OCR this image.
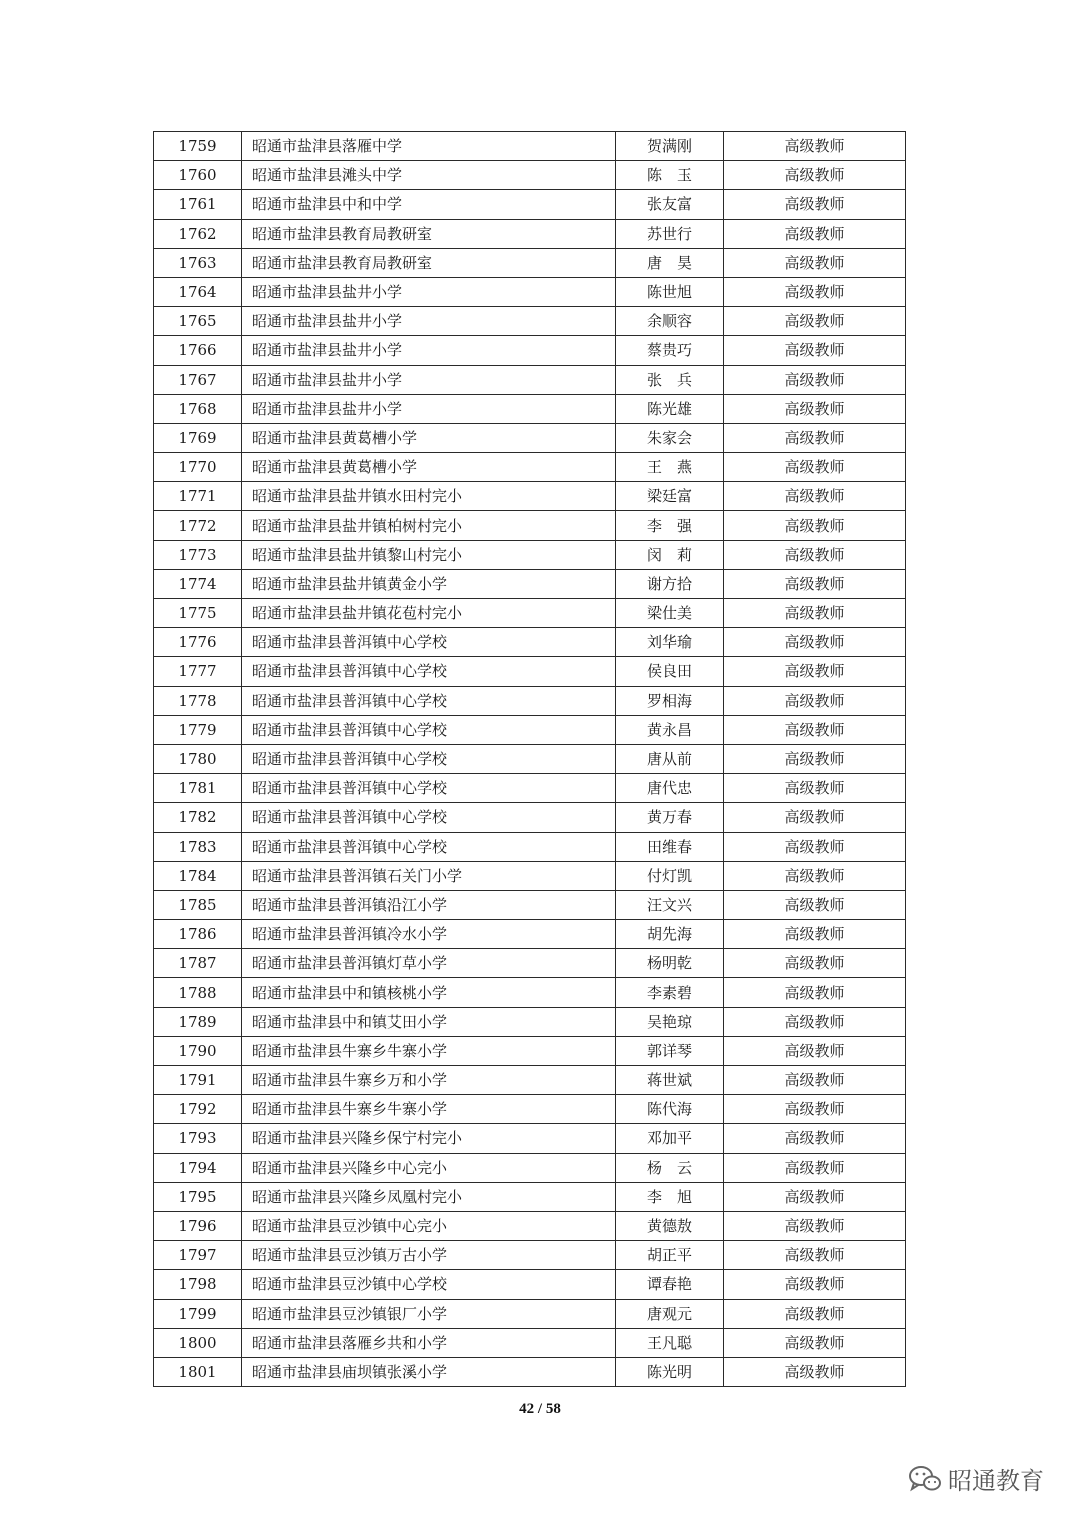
1759	昭通市盐津县落雁中学	贺满刚	高级教师
1760	昭通市盐津县滩头中学	陈　玉	高级教师
1761	昭通市盐津县中和中学	张友富	高级教师
1762	昭通市盐津县教育局教研室	苏世行	高级教师
1763	昭通市盐津县教育局教研室	唐　昊	高级教师
1764	昭通市盐津县盐井小学	陈世旭	高级教师
1765	昭通市盐津县盐井小学	余顺容	高级教师
1766	昭通市盐津县盐井小学	蔡贵巧	高级教师
1767	昭通市盐津县盐井小学	张　兵	高级教师
1768	昭通市盐津县盐井小学	陈光雄	高级教师
1769	昭通市盐津县黄葛槽小学	朱家会	高级教师
1770	昭通市盐津县黄葛槽小学	王　燕	高级教师
1771	昭通市盐津县盐井镇水田村完小	梁廷富	高级教师
1772	昭通市盐津县盐井镇柏树村完小	李　强	高级教师
1773	昭通市盐津县盐井镇黎山村完小	闵　莉	高级教师
1774	昭通市盐津县盐井镇黄金小学	谢方拾	高级教师
1775	昭通市盐津县盐井镇花苞村完小	梁仕美	高级教师
1776	昭通市盐津县普洱镇中心学校	刘华瑜	高级教师
1777	昭通市盐津县普洱镇中心学校	侯良田	高级教师
1778	昭通市盐津县普洱镇中心学校	罗相海	高级教师
1779	昭通市盐津县普洱镇中心学校	黄永昌	高级教师
1780	昭通市盐津县普洱镇中心学校	唐从前	高级教师
1781	昭通市盐津县普洱镇中心学校	唐代忠	高级教师
1782	昭通市盐津县普洱镇中心学校	黄万春	高级教师
1783	昭通市盐津县普洱镇中心学校	田维春	高级教师
1784	昭通市盐津县普洱镇石关门小学	付灯凯	高级教师
1785	昭通市盐津县普洱镇沿江小学	汪文兴	高级教师
1786	昭通市盐津县普洱镇冷水小学	胡先海	高级教师
1787	昭通市盐津县普洱镇灯草小学	杨明乾	高级教师
1788	昭通市盐津县中和镇核桃小学	李素碧	高级教师
1789	昭通市盐津县中和镇艾田小学	吴艳琼	高级教师
1790	昭通市盐津县牛寨乡牛寨小学	郭详琴	高级教师
1791	昭通市盐津县牛寨乡万和小学	蒋世斌	高级教师
1792	昭通市盐津县牛寨乡牛寨小学	陈代海	高级教师
1793	昭通市盐津县兴隆乡保宁村完小	邓加平	高级教师
1794	昭通市盐津县兴隆乡中心完小	杨　云	高级教师
1795	昭通市盐津县兴隆乡凤凰村完小	李　旭	高级教师
1796	昭通市盐津县豆沙镇中心完小	黄德敖	高级教师
1797	昭通市盐津县豆沙镇万古小学	胡正平	高级教师
1798	昭通市盐津县豆沙镇中心学校	谭春艳	高级教师
1799	昭通市盐津县豆沙镇银厂小学	唐观元	高级教师
1800	昭通市盐津县落雁乡共和小学	王凡聪	高级教师
1801	昭通市盐津县庙坝镇张溪小学	陈光明	高级教师
42 / 58
昭通教育
